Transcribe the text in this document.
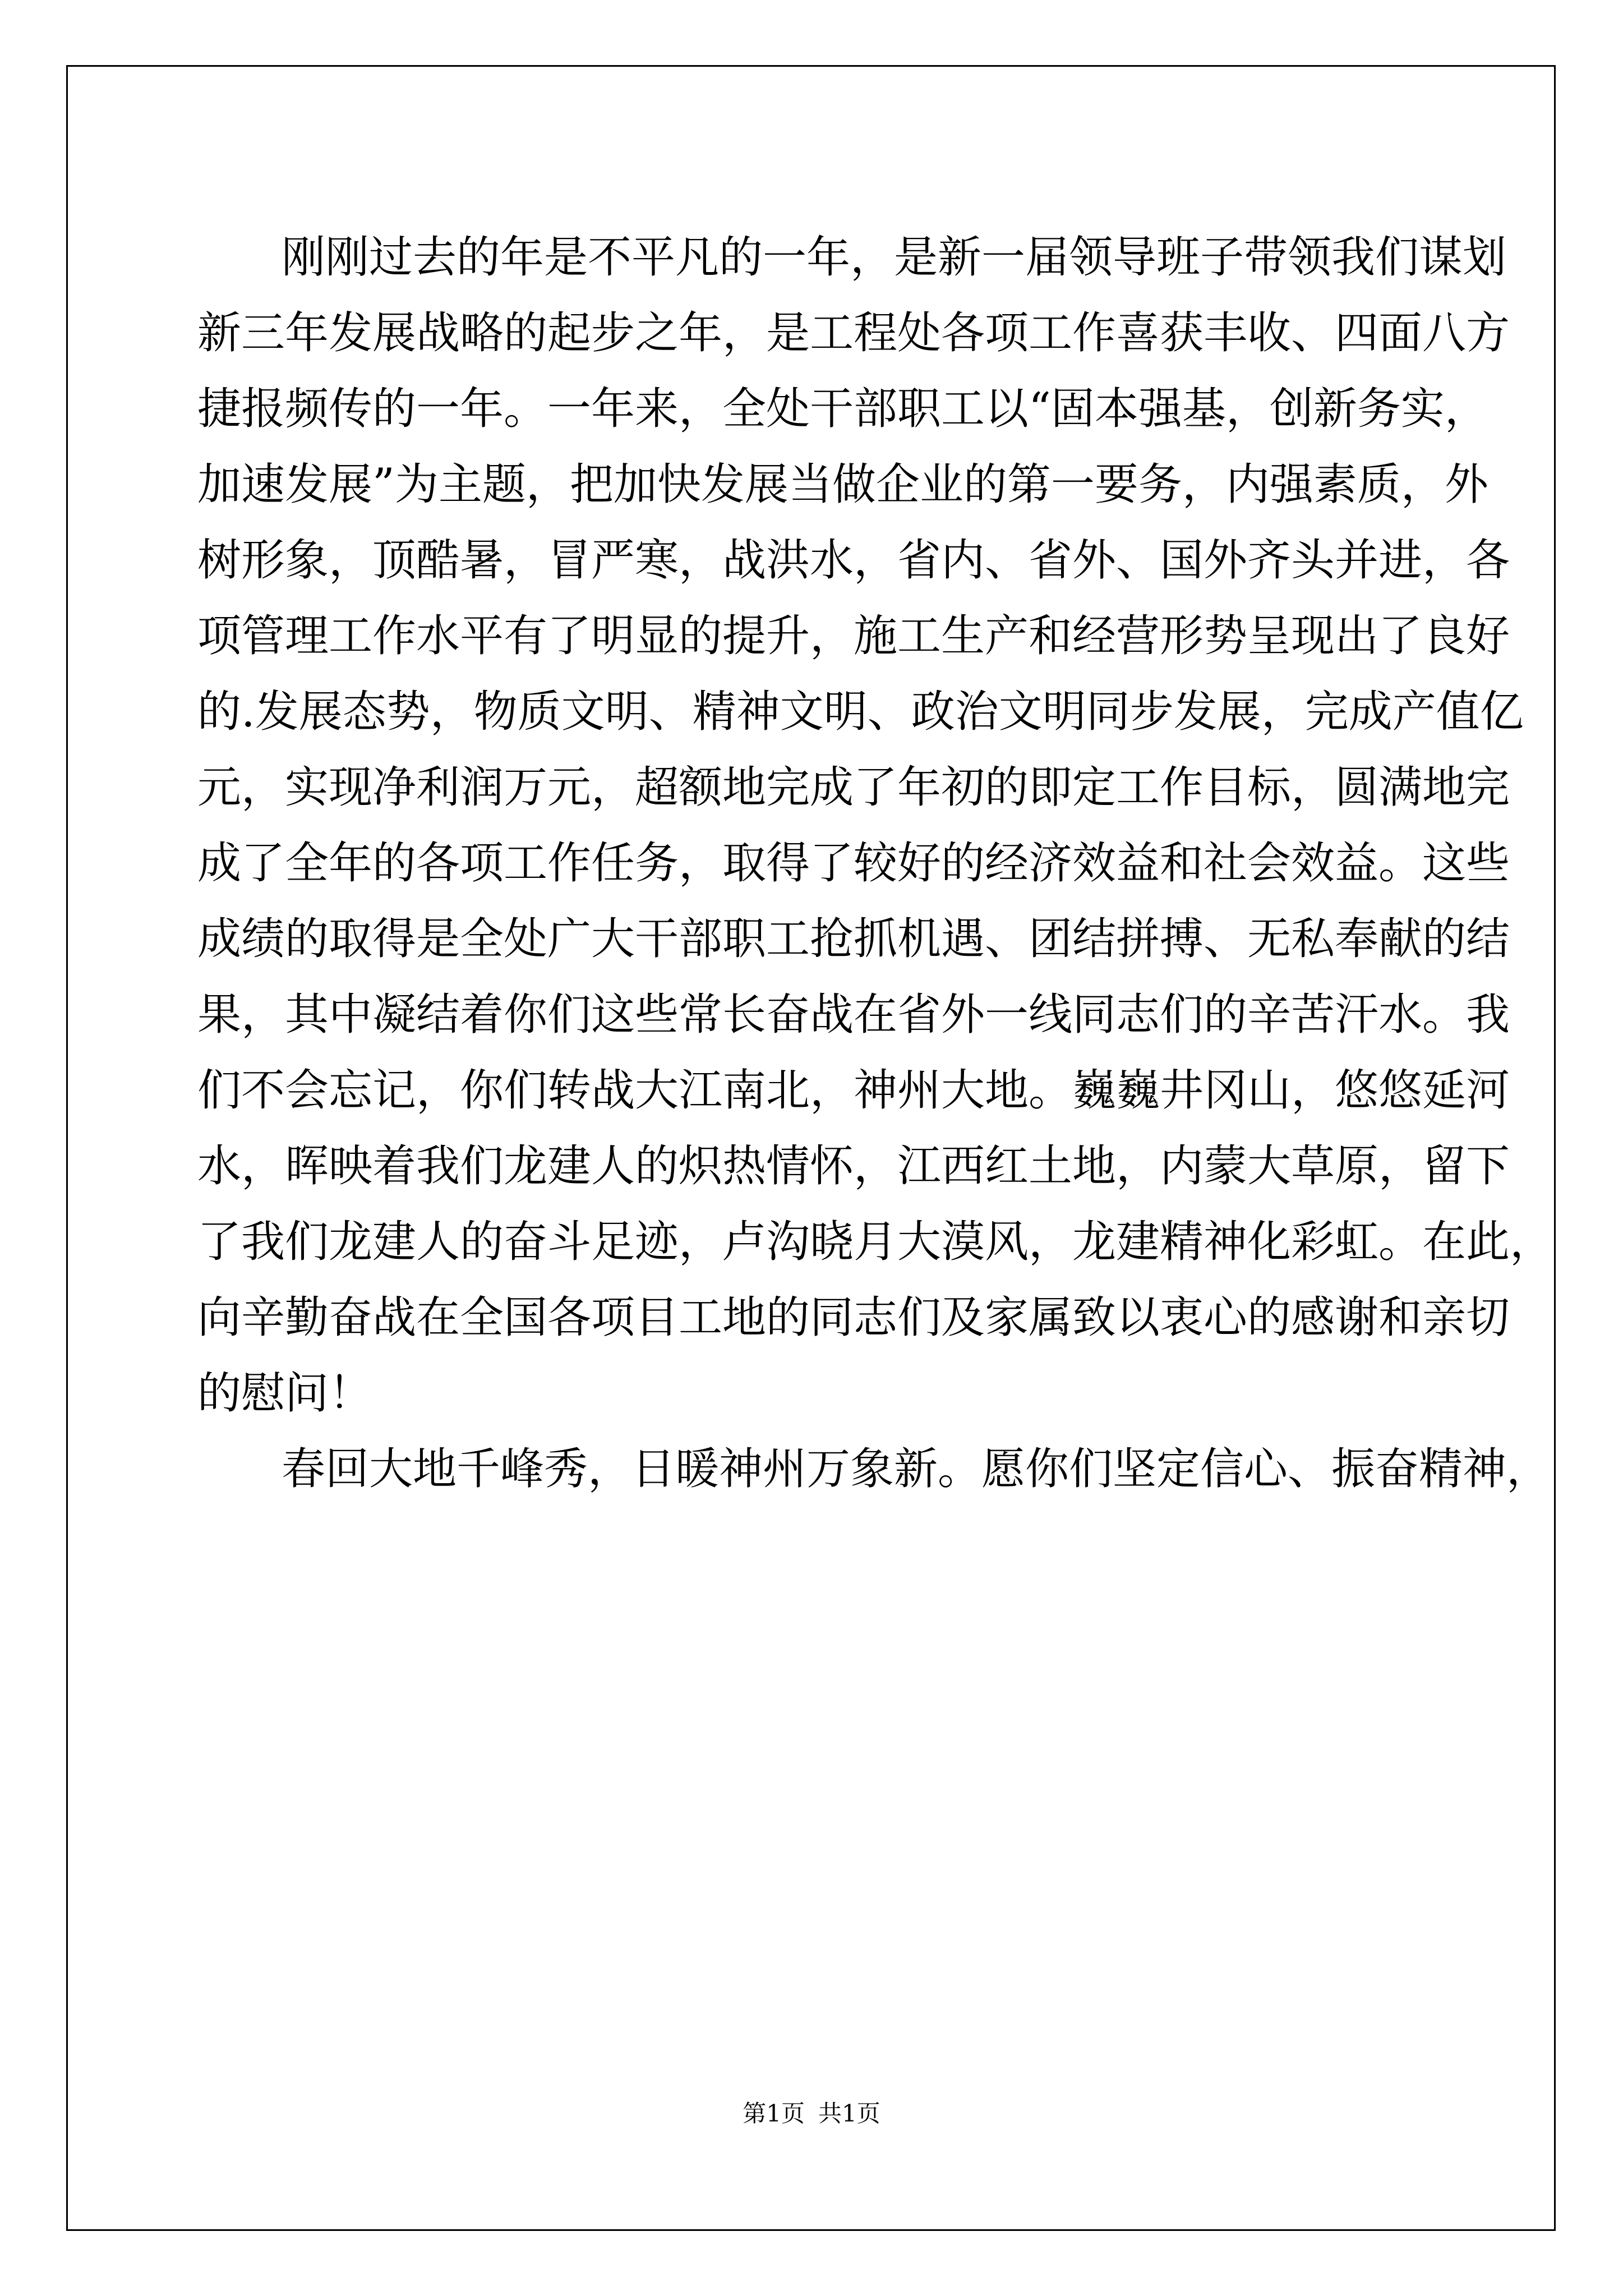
刚刚过去的年是不平凡的一年，是新一届领导班子带领我们谋划
新三年发展战略的起步之年，是工程处各项工作喜获丰收、四面八方
捷报频传的一年。一年来，全处干部职工以“固本强基，创新务实，
加速发展”为主题，把加快发展当做企业的第一要务，内强素质，外
树形象，顶酷暑，冒严寒，战洪水，省内、省外、国外齐头并进，各
项管理工作水平有了明显的提升，施工生产和经营形势呈现出了良好
的.发展态势，物质文明、精神文明、政治文明同步发展，完成产值亿
元，实现净利润万元，超额地完成了年初的即定工作目标，圆满地完
成了全年的各项工作任务，取得了较好的经济效益和社会效益。这些
成绩的取得是全处广大干部职工抢抓机遇、团结拼搏、无私奉献的结
果，其中凝结着你们这些常长奋战在省外一线同志们的辛苦汗水。我
们不会忘记，你们转战大江南北，神州大地。巍巍井冈山，悠悠延河
水，晖映着我们龙建人的炽热情怀，江西红土地，内蒙大草原，留下
了我们龙建人的奋斗足迹，卢沟晓月大漠风，龙建精神化彩虹。在此，
向辛勤奋战在全国各项目工地的同志们及家属致以衷心的感谢和亲切
的慰问！
春回大地千峰秀，日暖神州万象新。愿你们坚定信心、振奋精神，
第1页 共1页
